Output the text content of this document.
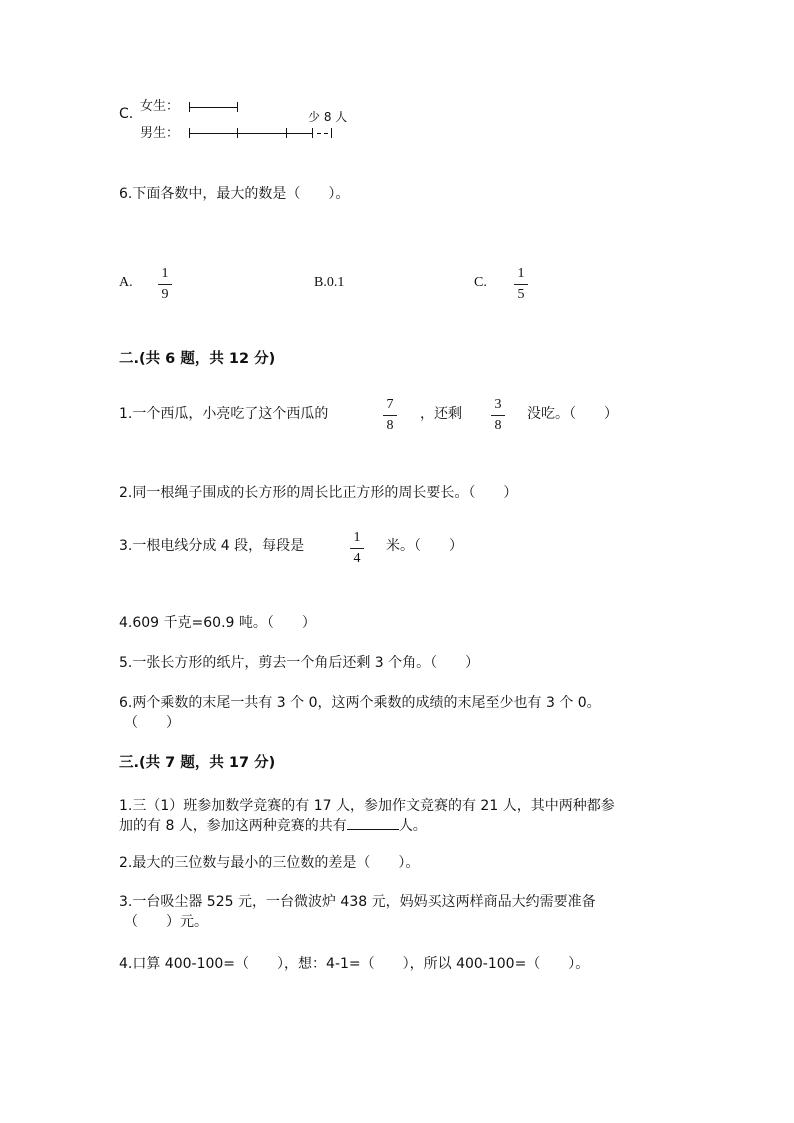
C. 女生：
男生：
少 8 人
6.下面各数中，最大的数是（　　）。
A.
1
9
B.0.1	C.
1
5
二.(共 6 题，共 12 分)
1.一个西瓜，小亮吃了这个西瓜的
7
8
，还剩
3
8
没吃。（　　）
2.同一根绳子围成的长方形的周长比正方形的周长要长。（　　）
3.一根电线分成 4 段，每段是
1
4
米。（　　）
4.609 千克=60.9 吨。（　　）
5.一张长方形的纸片，剪去一个角后还剩 3 个角。（　　）
6.两个乘数的末尾一共有 3 个 0，这两个乘数的成绩的末尾至少也有 3 个 0。
（　　）
三.(共 7 题，共 17 分)
1.三（1）班参加数学竞赛的有 17 人，参加作文竞赛的有 21 人，其中两种都参
加的有 8 人，参加这两种竞赛的共有	人。
2.最大的三位数与最小的三位数的差是（　　）。
3.一台吸尘器 525 元，一台微波炉 438 元，妈妈买这两样商品大约需要准备
（　　）元。
4.口算 400-100=（　　），想：4-1=（　　），所以 400-100=（　　）。
